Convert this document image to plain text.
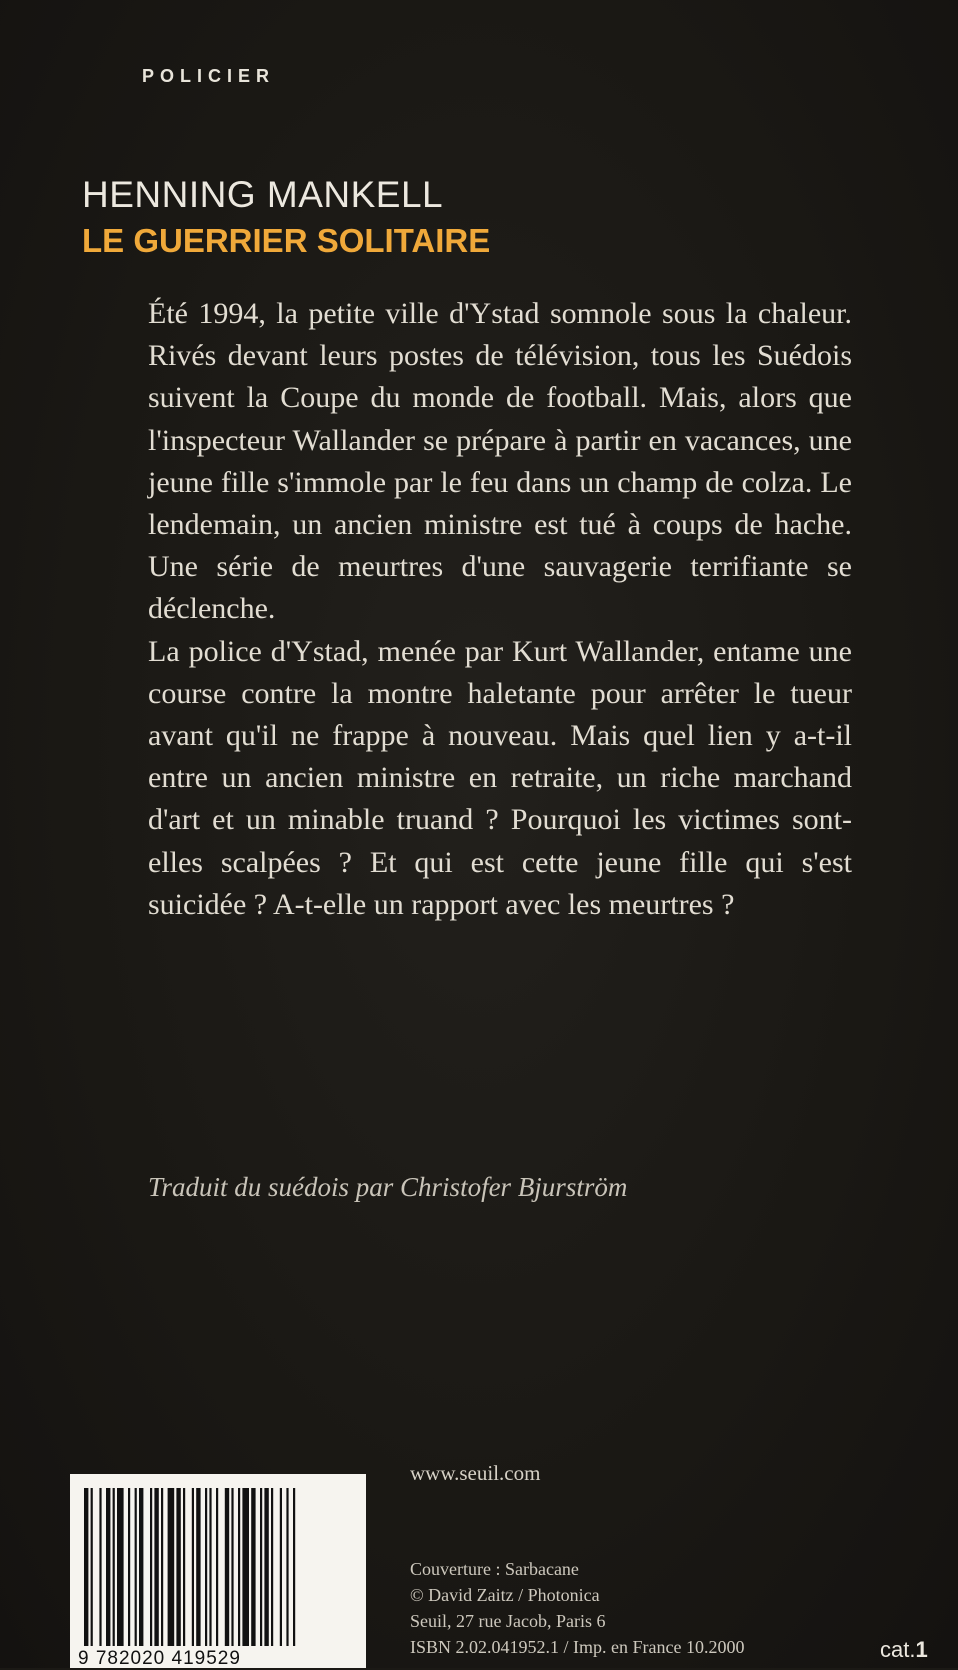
POLICIER
HENNING MANKELL
LE GUERRIER SOLITAIRE

Été 1994, la petite ville d'Ystad somnole sous la chaleur. Rivés devant leurs postes de télévision, tous les Suédois suivent la Coupe du monde de football. Mais, alors que l'inspecteur Wallander se prépare à partir en vacances, une jeune fille s'immole par le feu dans un champ de colza. Le lendemain, un ancien ministre est tué à coups de hache. Une série de meurtres d'une sauvagerie terrifiante se déclenche.

La police d'Ystad, menée par Kurt Wallander, entame une course contre la montre haletante pour arrêter le tueur avant qu'il ne frappe à nouveau. Mais quel lien y a-t-il entre un ancien ministre en retraite, un riche marchand d'art et un minable truand ? Pourquoi les victimes sont-elles scalpées ? Et qui est cette jeune fille qui s'est suicidée ? A-t-elle un rapport avec les meurtres ?

Traduit du suédois par Christofer Bjurström
9 782020 419529
www.seuil.com
Couverture : Sarbacane
© David Zaitz / Photonica
Seuil, 27 rue Jacob, Paris 6
ISBN 2.02.041952.1 / Imp. en France 10.2000	cat.1
